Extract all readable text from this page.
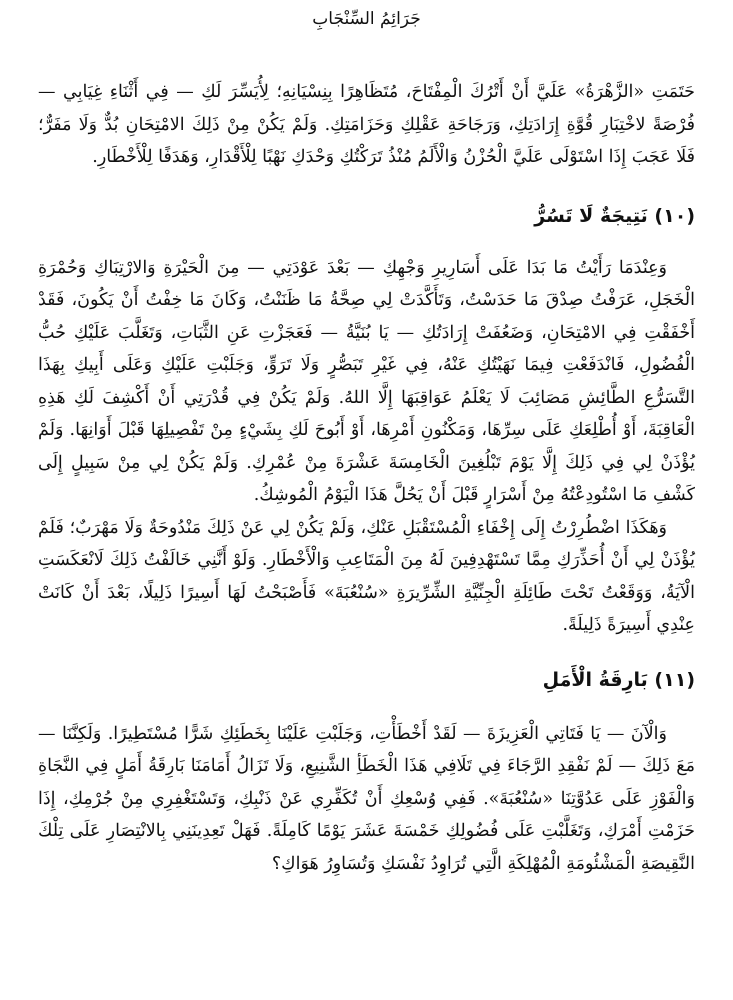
جَرَائِمُ السِّنْجَابِ

حَتَمَتِ «الزَّهْرَةُ» عَلَيَّ أَنْ أَتْرُكَ الْمِفْتَاحَ، مُتَظَاهِرًا بِنِسْيَانِهِ؛ لِأُيَسِّرَ لَكِ — فِي أَثْنَاءِ غِيَابِي — فُرْصَةً لاخْتِبَارِ قُوَّةِ إِرَادَتِكِ، وَرَجَاحَةِ عَقْلِكِ وَحَزَامَتِكِ. وَلَمْ يَكُنْ مِنْ ذَلِكَ الامْتِحَانِ بُدٌّ وَلَا مَفَرٌّ؛ فَلَا عَجَبَ إِذَا اسْتَوْلَى عَلَيَّ الْحُزْنُ وَالْأَلَمُ مُنْذُ تَرَكْتُكِ وَحْدَكِ نَهْبًا لِلْأَقْدَارِ، وَهَدَفًا لِلْأَخْطَارِ.

(١٠) نَتِيجَةٌ لَا تَسُرُّ

وَعِنْدَمَا رَأَيْتُ مَا بَدَا عَلَى أَسَارِيرِ وَجْهِكِ — بَعْدَ عَوْدَتِي — مِنَ الْحَيْرَةِ وَالارْتِبَاكِ وَحُمْرَةِ الْخَجَلِ، عَرَفْتُ صِدْقَ مَا حَدَسْتُ، وَتَأَكَّدَتْ لِي صِحَّةُ مَا ظَنَنْتُ، وَكَانَ مَا خِفْتُ أَنْ يَكُونَ، فَقَدْ أَخْفَقْتِ فِي الامْتِحَانِ، وَضَعُفَتْ إِرَادَتُكِ — يَا بُنَيَّةُ — فَعَجَزْتِ عَنِ الثَّبَاتِ، وَتَغَلَّبَ عَلَيْكِ حُبُّ الْفُضُولِ، فَانْدَفَعْتِ فِيمَا نَهَيْتُكِ عَنْهُ، فِي غَيْرِ تَبَصُّرٍ وَلَا تَرَوٍّ، وَجَلَبْتِ عَلَيْكِ وَعَلَى أَبِيكِ بِهَذَا التَّسَرُّعِ الطَّائِشِ مَصَائِبَ لَا يَعْلَمُ عَوَاقِبَهَا إِلَّا اللهُ. وَلَمْ يَكُنْ فِي قُدْرَتِي أَنْ أَكْشِفَ لَكِ هَذِهِ الْعَاقِبَةَ، أَوْ أُطْلِعَكِ عَلَى سِرِّهَا، وَمَكْنُونِ أَمْرِهَا، أَوْ أَبُوحَ لَكِ بِشَيْءٍ مِنْ تَفْصِيلِهَا قَبْلَ أَوَانِهَا. وَلَمْ يُؤْذَنْ لِي فِي ذَلِكَ إِلَّا يَوْمَ تَبْلُغِينَ الْخَامِسَةَ عَشْرَةَ مِنْ عُمْرِكِ. وَلَمْ يَكُنْ لِي مِنْ سَبِيلٍ إِلَى كَشْفِ مَا اسْتُودِعْتُهُ مِنْ أَسْرَارٍ قَبْلَ أَنْ يَحُلَّ هَذَا الْيَوْمُ الْمُوشِكُ.

وَهَكَذَا اضْطُرِرْتُ إِلَى إِخْفَاءِ الْمُسْتَقْبَلِ عَنْكِ، وَلَمْ يَكُنْ لِي عَنْ ذَلِكَ مَنْدُوحَةٌ وَلَا مَهْرَبٌ؛ فَلَمْ يُؤْذَنْ لِي أَنْ أُحَذِّرَكِ مِمَّا تَسْتَهْدِفِينَ لَهُ مِنَ الْمَتَاعِبِ وَالْأَخْطَارِ. وَلَوْ أَنَّنِي خَالَفْتُ ذَلِكَ لَانْعَكَسَتِ الْآيَةُ، وَوَقَعْتُ تَحْتَ طَائِلَةِ الْجِنِّيَّةِ الشِّرِّيرَةِ «سُنْعُبَةَ» فَأَصْبَحْتُ لَهَا أَسِيرًا ذَلِيلًا، بَعْدَ أَنْ كَانَتْ عِنْدِي أَسِيرَةً ذَلِيلَةً.

(١١) بَارِقَةُ الْأَمَلِ

وَالْآنَ — يَا فَتَاتِي الْعَزِيزَةَ — لَقَدْ أَخْطَأْتِ، وَجَلَبْتِ عَلَيْنَا بِخَطَئِكِ شَرًّا مُسْتَطِيرًا. وَلَكِنَّنَا — مَعَ ذَلِكَ — لَمْ نَفْقِدِ الرَّجَاءَ فِي تَلَافِي هَذَا الْخَطَأِ الشَّنِيعِ، وَلَا تَزَالُ أَمَامَنَا بَارِقَةُ أَمَلٍ فِي النَّجَاةِ وَالْفَوْزِ عَلَى عَدُوَّتِنَا «سُنْعُبَةَ». فَفِي وُسْعِكِ أَنْ تُكَفِّرِي عَنْ ذَنْبِكِ، وَتَسْتَغْفِرِي مِنْ جُرْمِكِ، إِذَا حَزَمْتِ أَمْرَكِ، وَتَغَلَّبْتِ عَلَى فُضُولِكِ خَمْسَةَ عَشَرَ يَوْمًا كَامِلَةً. فَهَلْ تَعِدِينَنِي بِالانْتِصَارِ عَلَى تِلْكَ النَّقِيصَةِ الْمَشْئُومَةِ الْمُهْلِكَةِ الَّتِي تُرَاوِدُ نَفْسَكِ وَتُسَاوِرُ هَوَاكِ؟
